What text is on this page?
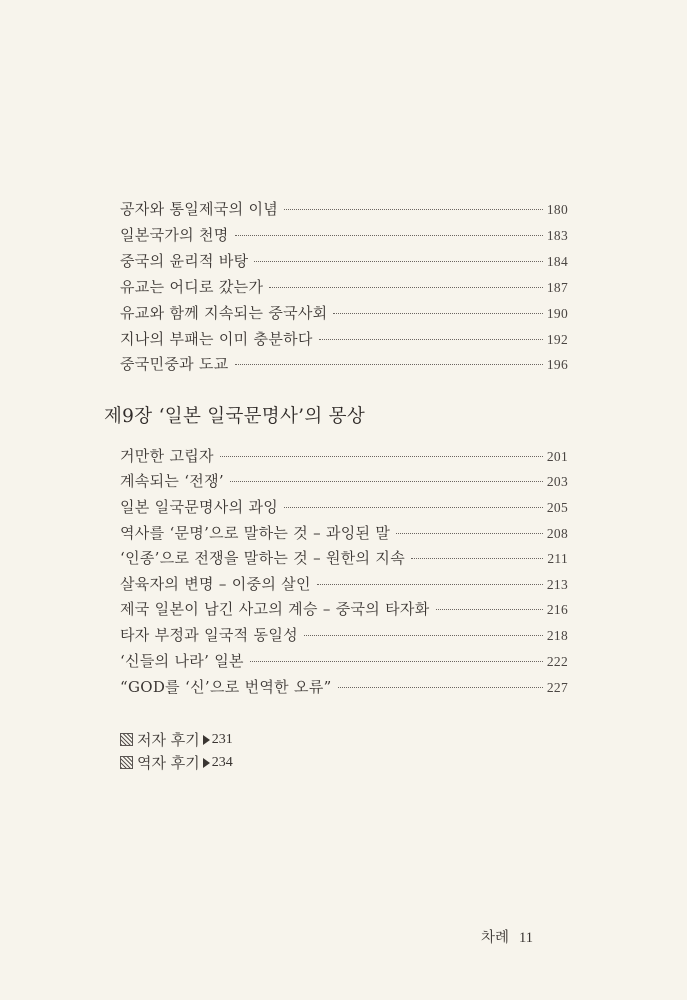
공자와 통일제국의 이념	180
일본국가의 천명	183
중국의 윤리적 바탕	184
유교는 어디로 갔는가	187
유교와 함께 지속되는 중국사회	190
지나의 부패는 이미 충분하다	192
중국민중과 도교	196
제9장 ‘일본 일국문명사’의 몽상
거만한 고립자	201
계속되는 ‘전쟁’	203
일본 일국문명사의 과잉	205
역사를 ‘문명’으로 말하는 것 – 과잉된 말	208
‘인종’으로 전쟁을 말하는 것 – 원한의 지속	211
살육자의 변명 – 이중의 살인	213
제국 일본이 남긴 사고의 계승 – 중국의 타자화	216
타자 부정과 일국적 동일성	218
‘신들의 나라’ 일본	222
“GOD를 ‘신’으로 번역한 오류”	227
저자 후기 231
역자 후기 234
차례 11
